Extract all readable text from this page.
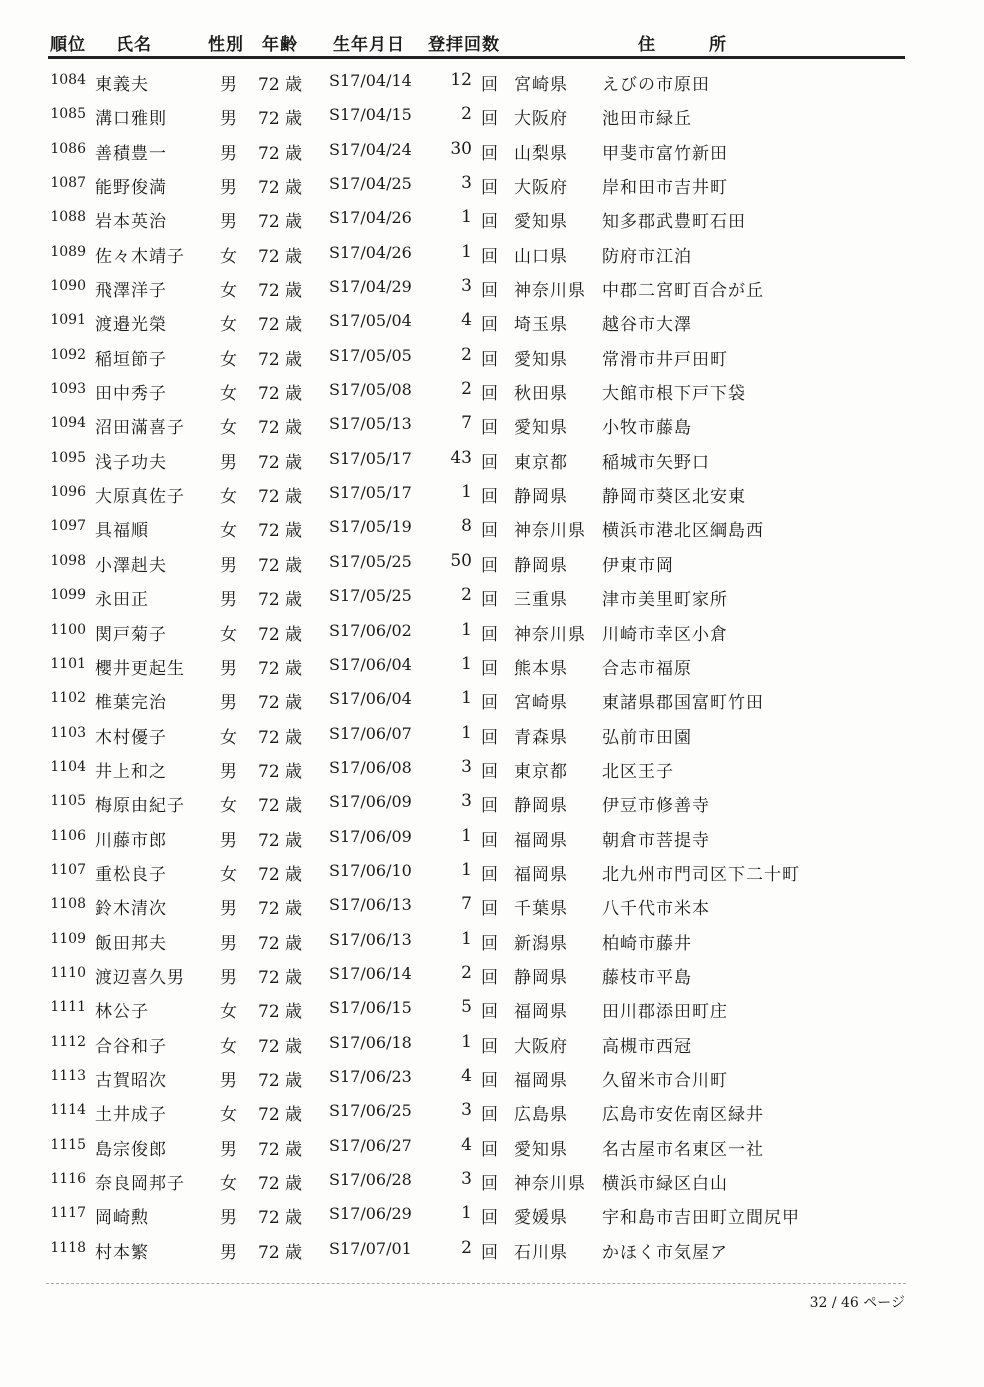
順位 氏名	性別 年齢 生年月日 登拝回数	住所
1084 東義夫	男 72 歳 S17/04/14	12 回 宮崎県 えびの市原田
1085 溝口雅則	男 72 歳 S17/04/15	2 回 大阪府 池田市緑丘
1086 善積豊一	男 72 歳 S17/04/24	30 回 山梨県 甲斐市富竹新田
1087 能野俊満	男 72 歳 S17/04/25	3 回 大阪府 岸和田市吉井町
1088 岩本英治	男 72 歳 S17/04/26	1 回 愛知県 知多郡武豊町石田
1089 佐々木靖子 女 72 歳 S17/04/26	1 回 山口県 防府市江泊
1090 飛澤洋子	女 72 歳 S17/04/29	3 回 神奈川県 中郡二宮町百合が丘
1091 渡邉光榮	女 72 歳 S17/05/04	4 回 埼玉県 越谷市大澤
1092 稲垣節子	女 72 歳 S17/05/05	2 回 愛知県 常滑市井戸田町
1093 田中秀子	女 72 歳 S17/05/08	2 回 秋田県 大館市根下戸下袋
1094 沼田滿喜子 女 72 歳 S17/05/13	7 回 愛知県 小牧市藤島
1095 浅子功夫	男 72 歳 S17/05/17	43 回 東京都 稲城市矢野口
1096 大原真佐子 女 72 歳 S17/05/17	1 回 静岡県 静岡市葵区北安東
1097 具福順	女 72 歳 S17/05/19	8 回 神奈川県 横浜市港北区綱島西
1098 小澤赳夫	男 72 歳 S17/05/25	50 回 静岡県 伊東市岡
1099 永田正	男 72 歳 S17/05/25	2 回 三重県 津市美里町家所
1100 関戸菊子	女 72 歳 S17/06/02	1 回 神奈川県 川崎市幸区小倉
1101 櫻井更起生 男 72 歳 S17/06/04	1 回 熊本県 合志市福原
1102 椎葉完治	男 72 歳 S17/06/04	1 回 宮崎県 東諸県郡国富町竹田
1103 木村優子	女 72 歳 S17/06/07	1 回 青森県 弘前市田園
1104 井上和之	男 72 歳 S17/06/08	3 回 東京都 北区王子
1105 梅原由紀子 女 72 歳 S17/06/09	3 回 静岡県 伊豆市修善寺
1106 川藤市郎	男 72 歳 S17/06/09	1 回 福岡県 朝倉市菩提寺
1107 重松良子	女 72 歳 S17/06/10	1 回 福岡県 北九州市門司区下二十町
1108 鈴木清次	男 72 歳 S17/06/13	7 回 千葉県 八千代市米本
1109 飯田邦夫	男 72 歳 S17/06/13	1 回 新潟県 柏崎市藤井
1110 渡辺喜久男 男 72 歳 S17/06/14	2 回 静岡県 藤枝市平島
1111 林公子	女 72 歳 S17/06/15	5 回 福岡県 田川郡添田町庄
1112 合谷和子	女 72 歳 S17/06/18	1 回 大阪府 高槻市西冠
1113 古賀昭次	男 72 歳 S17/06/23	4 回 福岡県 久留米市合川町
1114 土井成子	女 72 歳 S17/06/25	3 回 広島県 広島市安佐南区緑井
1115 島宗俊郎	男 72 歳 S17/06/27	4 回 愛知県 名古屋市名東区一社
1116 奈良岡邦子 女 72 歳 S17/06/28	3 回 神奈川県 横浜市緑区白山
1117 岡崎勲	男 72 歳 S17/06/29	1 回 愛媛県 宇和島市吉田町立間尻甲
1118 村本繁	男 72 歳 S17/07/01	2 回 石川県 かほく市気屋ア
32 / 46 ページ
